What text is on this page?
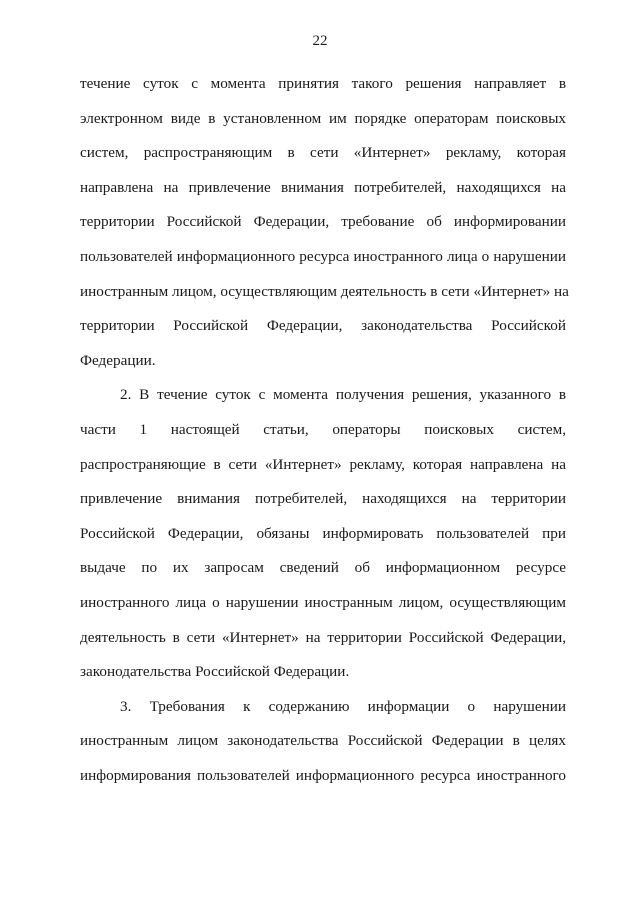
22
течение суток с момента принятия такого решения направляет в
электронном виде в установленном им порядке операторам поисковых
систем, распространяющим в сети «Интернет» рекламу, которая
направлена на привлечение внимания потребителей, находящихся на
территории Российской Федерации, требование об информировании
пользователей информационного ресурса иностранного лица о нарушении
иностранным лицом, осуществляющим деятельность в сети «Интернет» на
территории Российской Федерации, законодательства Российской
Федерации.
2. В течение суток с момента получения решения, указанного в
части 1 настоящей статьи, операторы поисковых систем,
распространяющие в сети «Интернет» рекламу, которая направлена на
привлечение внимания потребителей, находящихся на территории
Российской Федерации, обязаны информировать пользователей при
выдаче по их запросам сведений об информационном ресурсе
иностранного лица о нарушении иностранным лицом, осуществляющим
деятельность в сети «Интернет» на территории Российской Федерации,
законодательства Российской Федерации.
3. Требования к содержанию информации о нарушении
иностранным лицом законодательства Российской Федерации в целях
информирования пользователей информационного ресурса иностранного
